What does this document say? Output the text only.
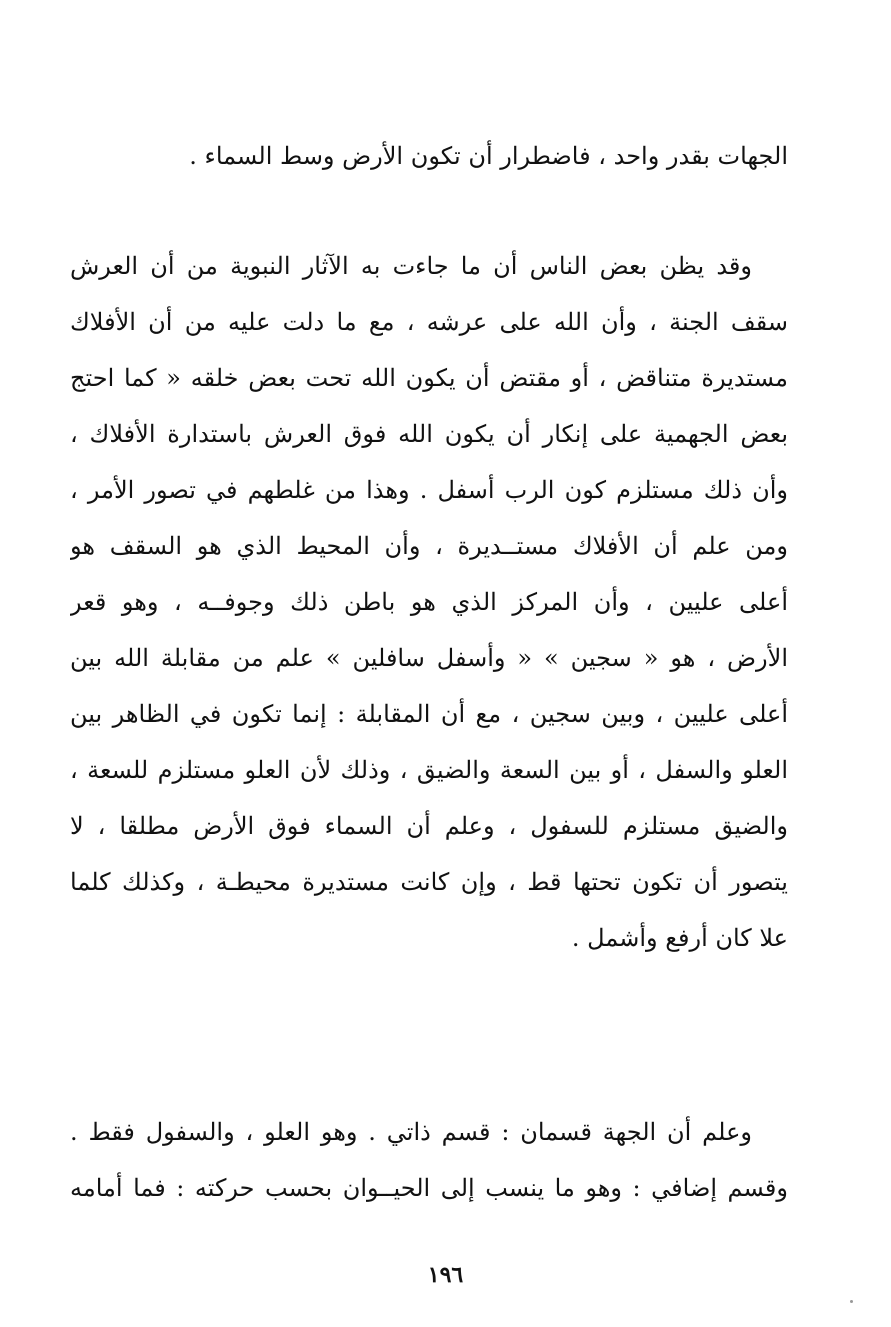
الجهات بقدر واحد ، فاضطرار أن تكون الأرض وسط السماء .
وقد يظن بعض الناس أن ما جاءت به الآثار النبوية من أن العرش
سقف الجنة ، وأن الله على عرشه ، مع ما دلت عليه من أن الأفلاك
مستديرة متناقض ، أو مقتض أن يكون الله تحت بعض خلقه « كما احتج
بعض الجهمية على إنكار أن يكون الله فوق العرش باستدارة الأفلاك ،
وأن ذلك مستلزم كون الرب أسفل . وهذا من غلطهم في تصور الأمر ،
ومن علم أن الأفلاك مستــديرة ، وأن المحيط الذي هو السقف هو
أعلى عليين ، وأن المركز الذي هو باطن ذلك وجوفــه ، وهو قعر
الأرض ، هو « سجين » « وأسفل سافلين » علم من مقابلة الله بين
أعلى عليين ، وبين سجين ، مع أن المقابلة : إنما تكون في الظاهر بين
العلو والسفل ، أو بين السعة والضيق ، وذلك لأن العلو مستلزم للسعة ،
والضيق مستلزم للسفول ، وعلم أن السماء فوق الأرض مطلقا ، لا
يتصور أن تكون تحتها قط ، وإن كانت مستديرة محيطـة ، وكذلك كلما
علا كان أرفع وأشمل .
وعلم أن الجهة قسمان : قسم ذاتي . وهو العلو ، والسفول فقط .
وقسم إضافي : وهو ما ينسب إلى الحيــوان بحسب حركته : فما أمامه
١٩٦
